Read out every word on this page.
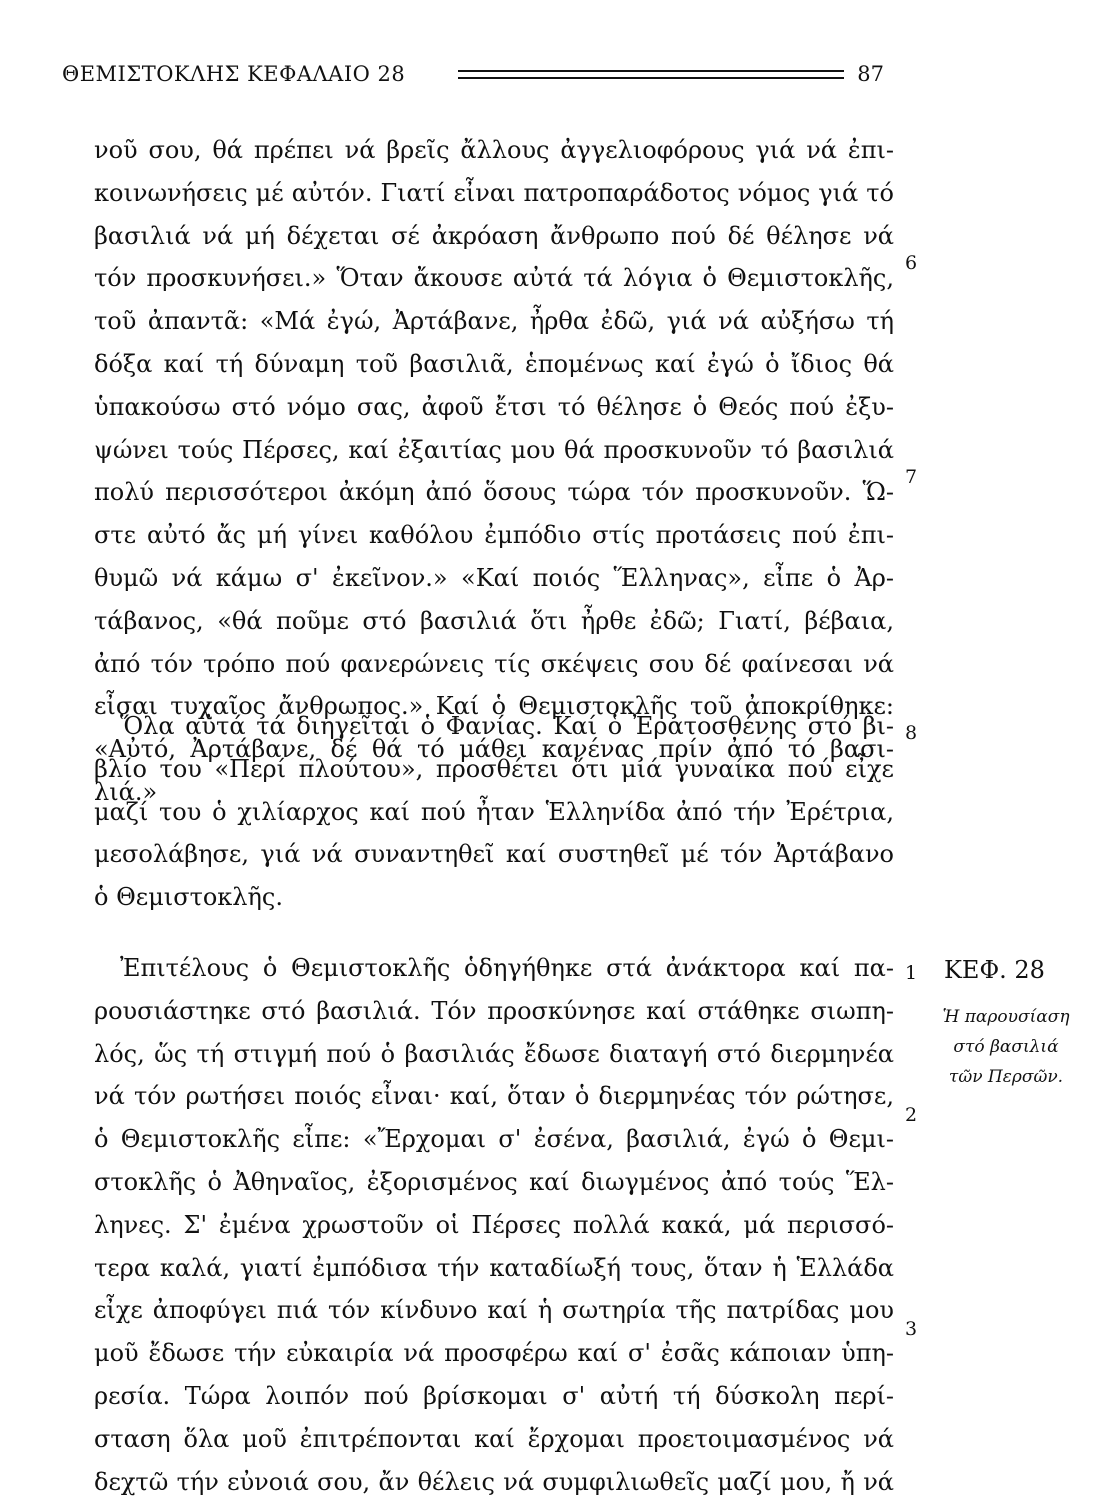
ΘΕΜΙΣΤΟΚΛΗΣ ΚΕΦΑΛΑΙΟ 28	87
νοῦ σου, θά πρέπει νά βρεῖς ἄλλους ἀγγελιοφόρους γιά νά ἐπι-
κοινωνήσεις μέ αὐτόν. Γιατί εἶναι πατροπαράδοτος νόμος γιά τό
βασιλιά νά μή δέχεται σέ ἀκρόαση ἄνθρωπο πού δέ θέλησε νά
τόν προσκυνήσει.» Ὅταν ἄκουσε αὐτά τά λόγια ὁ Θεμιστοκλῆς,
τοῦ ἀπαντᾶ: «Μά ἐγώ, Ἀρτάβανε, ἦρθα ἐδῶ, γιά νά αὐξήσω τή
δόξα καί τή δύναμη τοῦ βασιλιᾶ, ἑπομένως καί ἐγώ ὁ ἴδιος θά
ὑπακούσω στό νόμο σας, ἀφοῦ ἔτσι τό θέλησε ὁ Θεός πού ἐξυ-
ψώνει τούς Πέρσες, καί ἐξαιτίας μου θά προσκυνοῦν τό βασιλιά
πολύ περισσότεροι ἀκόμη ἀπό ὅσους τώρα τόν προσκυνοῦν. Ὥ-
στε αὐτό ἄς μή γίνει καθόλου ἐμπόδιο στίς προτάσεις πού ἐπι-
θυμῶ νά κάμω σ' ἐκεῖνον.» «Καί ποιός Ἕλληνας», εἶπε ὁ Ἀρ-
τάβανος, «θά ποῦμε στό βασιλιά ὅτι ἦρθε ἐδῶ; Γιατί, βέβαια,
ἀπό τόν τρόπο πού φανερώνεις τίς σκέψεις σου δέ φαίνεσαι νά
εἶσαι τυχαῖος ἄνθρωπος.» Καί ὁ Θεμιστοκλῆς τοῦ ἀποκρίθηκε:
«Αὐτό, Ἀρτάβανε, δέ θά τό μάθει κανένας πρίν ἀπό τό βασι-
λιά.»
Ὅλα αὐτά τά διηγεῖται ὁ Φανίας. Καί ὁ Ἐρατοσθένης στό βι-
βλίο του «Περί πλούτου», προσθέτει ὅτι μιά γυναίκα πού εἶχε
μαζί του ὁ χιλίαρχος καί πού ἦταν Ἑλληνίδα ἀπό τήν Ἐρέτρια,
μεσολάβησε, γιά νά συναντηθεῖ καί συστηθεῖ μέ τόν Ἀρτάβανο
ὁ Θεμιστοκλῆς.
Ἐπιτέλους ὁ Θεμιστοκλῆς ὁδηγήθηκε στά ἀνάκτορα καί πα-
ρουσιάστηκε στό βασιλιά. Τόν προσκύνησε καί στάθηκε σιωπη-
λός, ὥς τή στιγμή πού ὁ βασιλιάς ἔδωσε διαταγή στό διερμηνέα
νά τόν ρωτήσει ποιός εἶναι· καί, ὅταν ὁ διερμηνέας τόν ρώτησε,
ὁ Θεμιστοκλῆς εἶπε: «Ἔρχομαι σ' ἐσένα, βασιλιά, ἐγώ ὁ Θεμι-
στοκλῆς ὁ Ἀθηναῖος, ἐξορισμένος καί διωγμένος ἀπό τούς Ἕλ-
ληνες. Σ' ἐμένα χρωστοῦν οἱ Πέρσες πολλά κακά, μά περισσό-
τερα καλά, γιατί ἐμπόδισα τήν καταδίωξή τους, ὅταν ἡ Ἑλλάδα
εἶχε ἀποφύγει πιά τόν κίνδυνο καί ἡ σωτηρία τῆς πατρίδας μου
μοῦ ἔδωσε τήν εὐκαιρία νά προσφέρω καί σ' ἐσᾶς κάποιαν ὑπη-
ρεσία. Τώρα λοιπόν πού βρίσκομαι σ' αὐτή τή δύσκολη περί-
σταση ὅλα μοῦ ἐπιτρέπονται καί ἔρχομαι προετοιμασμένος νά
δεχτῶ τήν εὐνοιά σου, ἄν θέλεις νά συμφιλιωθεῖς μαζί μου, ἤ νά
6
7
8
1
2
3
ΚΕΦ. 28
Ἡ παρουσίαση
στό βασιλιά
τῶν Περσῶν.
